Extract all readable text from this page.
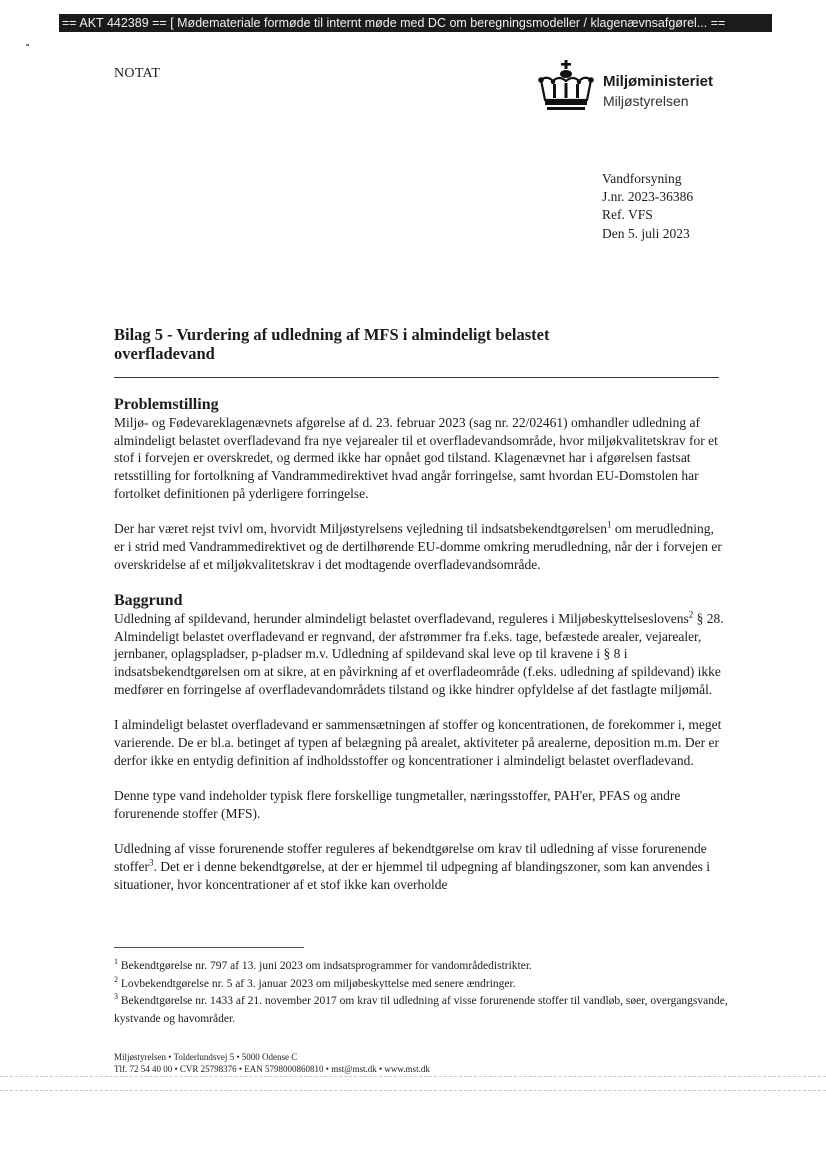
== AKT 442389 == [ Mødemateriale formøde til internt møde med DC om beregningsmodeller / klagenævnsafgørel... ==
NOTAT	Miljøministeriet
Miljøstyrelsen
Vandforsyning
J.nr. 2023-36386
Ref. VFS
Den 5. juli 2023
Bilag 5 - Vurdering af udledning af MFS i almindeligt belastet overfladevand
Problemstilling

Miljø- og Fødevareklagenævnets afgørelse af d. 23. februar 2023 (sag nr. 22/02461) omhandler udledning af almindeligt belastet overfladevand fra nye vejarealer til et overfladevandsområde, hvor miljøkvalitetskrav for et stof i forvejen er overskredet, og dermed ikke har opnået god tilstand. Klagenævnet har i afgørelsen fastsat retsstilling for fortolkning af Vandrammedirektivet hvad angår forringelse, samt hvordan EU-Domstolen har fortolket definitionen på yderligere forringelse.

Der har været rejst tvivl om, hvorvidt Miljøstyrelsens vejledning til indsatsbekendtgørelsen$^1$ om merudledning, er i strid med Vandrammedirektivet og de dertilhørende EU-domme omkring merudledning, når der i forvejen er overskridelse af et miljøkvalitetskrav i det modtagende overfladevandsområde.

Baggrund

Udledning af spildevand, herunder almindeligt belastet overfladevand, reguleres i Miljøbeskyttelseslovens$^2$ § 28. Almindeligt belastet overfladevand er regnvand, der afstrømmer fra f.eks. tage, befæstede arealer, vejarealer, jernbaner, oplagspladser, p-pladser m.v. Udledning af spildevand skal leve op til kravene i § 8 i indsatsbekendtgørelsen om at sikre, at en påvirkning af et overfladeområde (f.eks. udledning af spildevand) ikke medfører en forringelse af overfladevandområdets tilstand og ikke hindrer opfyldelse af det fastlagte miljømål.

I almindeligt belastet overfladevand er sammensætningen af stoffer og koncentrationen, de forekommer i, meget varierende. De er bl.a. betinget af typen af belægning på arealet, aktiviteter på arealerne, deposition m.m. Der er derfor ikke en entydig definition af indholdsstoffer og koncentrationer i almindeligt belastet overfladevand.

Denne type vand indeholder typisk flere forskellige tungmetaller, næringsstoffer, PAH'er, PFAS og andre forurenende stoffer (MFS).

Udledning af visse forurenende stoffer reguleres af bekendtgørelse om krav til udledning af visse forurenende stoffer$^3$. Det er i denne bekendtgørelse, at der er hjemmel til udpegning af blandingszoner, som kan anvendes i situationer, hvor koncentrationer af et stof ikke kan overholde

$^1$ Bekendtgørelse nr. 797 af 13. juni 2023 om indsatsprogrammer for vandområdedistrikter.
$^2$ Lovbekendtgørelse nr. 5 af 3. januar 2023 om miljøbeskyttelse med senere ændringer.
$^3$ Bekendtgørelse nr. 1433 af 21. november 2017 om krav til udledning af visse forurenende stoffer til vandløb, søer, overgangsvande, kystvande og havområder.
Miljøstyrelsen • Tolderlundsvej 5 • 5000 Odense C
Tlf. 72 54 40 00 • CVR 25798376 • EAN 5798000860810 • mst@mst.dk • www.mst.dk
